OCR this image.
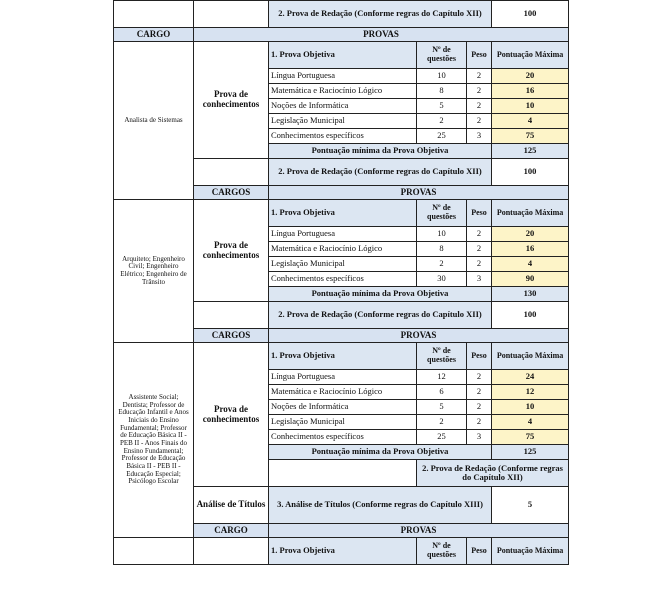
		2. Prova de Redação (Conforme regras do Capítulo XII)			100	
CARGO	PROVAS					
Analista de Sistemas	Prova de conhecimentos	1. Prova Objetiva	Nº de questões	Peso	Pontuação Máxima	
		Língua Portuguesa	10	2	20	
		Matemática e Raciocínio Lógico	8	2	16	
		Noções de Informática	5	2	10	
		Legislação Municipal	2	2	4	
		Conhecimentos específicos	25	3	75	
		Pontuação mínima da Prova Objetiva			125	
		2. Prova de Redação (Conforme regras do Capítulo XII)			100	
	CARGOS	PROVAS				
Arquiteto; Engenheiro Civil; Engenheiro Elétrico; Engenheiro de Trânsito	Prova de conhecimentos	1. Prova Objetiva	Nº de questões	Peso	Pontuação Máxima	
		Língua Portuguesa	10	2	20	
		Matemática e Raciocínio Lógico	8	2	16	
		Legislação Municipal	2	2	4	
		Conhecimentos específicos	30	3	90	
		Pontuação mínima da Prova Objetiva			130	
		2. Prova de Redação (Conforme regras do Capítulo XII)			100	
	CARGOS	PROVAS				
Assistente Social; Dentista; Professor de Educação Infantil e Anos Iniciais do Ensino Fundamental; Professor de Educação Básica II - PEB II - Anos Finais do Ensino Fundamental; Professor de Educação Básica II - PEB II - Educação Especial; Psicólogo Escolar	Prova de conhecimentos	1. Prova Objetiva	Nº de questões	Peso	Pontuação Máxima	
		Língua Portuguesa	12	2	24	
		Matemática e Raciocínio Lógico	6	2	12	
		Noções de Informática	5	2	10	
		Legislação Municipal	2	2	4	
		Conhecimentos específicos	25	3	75	
		Pontuação mínima da Prova Objetiva			125	
			2. Prova de Redação (Conforme regras do Capítulo XII)	
	Análise de Títulos	3. Análise de Títulos (Conforme regras do Capítulo XIII)			5	
	CARGO	PROVAS				
		1. Prova Objetiva	Nº de questões	Peso	Pontuação Máxima	
